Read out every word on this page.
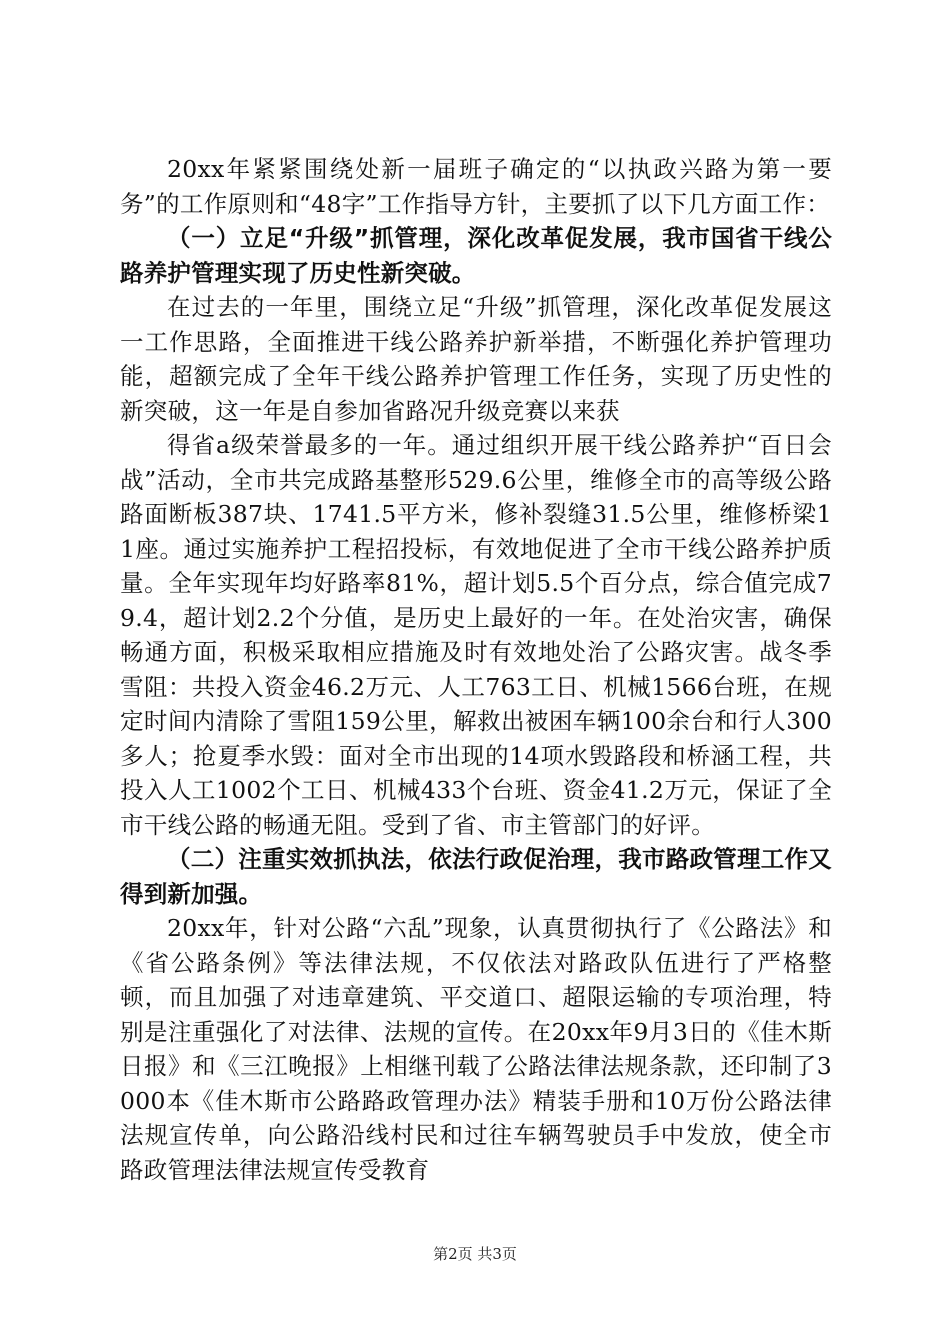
20xx年紧紧围绕处新一届班子确定的“以执政兴路为第一要务”的工作原则和“48字”工作指导方针，主要抓了以下几方面工作：

（一）立足“升级”抓管理，深化改革促发展，我市国省干线公路养护管理实现了历史性新突破。

在过去的一年里，围绕立足“升级”抓管理，深化改革促发展这一工作思路，全面推进干线公路养护新举措，不断强化养护管理功能，超额完成了全年干线公路养护管理工作任务，实现了历史性的新突破，这一年是自参加省路况升级竞赛以来获

得省a级荣誉最多的一年。通过组织开展干线公路养护“百日会战”活动，全市共完成路基整形529.6公里，维修全市的高等级公路路面断板387块、1741.5平方米，修补裂缝31.5公里，维修桥梁11座。通过实施养护工程招投标，有效地促进了全市干线公路养护质量。全年实现年均好路率81%，超计划5.5个百分点，综合值完成79.4，超计划2.2个分值，是历史上最好的一年。在处治灾害，确保畅通方面，积极采取相应措施及时有效地处治了公路灾害。战冬季雪阻：共投入资金46.2万元、人工763工日、机械1566台班，在规定时间内清除了雪阻159公里，解救出被困车辆100余台和行人300多人；抢夏季水毁：面对全市出现的14项水毁路段和桥涵工程，共投入人工1002个工日、机械433个台班、资金41.2万元，保证了全市干线公路的畅通无阻。受到了省、市主管部门的好评。

（二）注重实效抓执法，依法行政促治理，我市路政管理工作又得到新加强。

20xx年，针对公路“六乱”现象，认真贯彻执行了《公路法》和《省公路条例》等法律法规，不仅依法对路政队伍进行了严格整顿，而且加强了对违章建筑、平交道口、超限运输的专项治理，特别是注重强化了对法律、法规的宣传。在20xx年9月3日的《佳木斯日报》和《三江晚报》上相继刊载了公路法律法规条款，还印制了3000本《佳木斯市公路路政管理办法》精装手册和10万份公路法律法规宣传单，向公路沿线村民和过往车辆驾驶员手中发放，使全市路政管理法律法规宣传受教育

第2页 共3页
